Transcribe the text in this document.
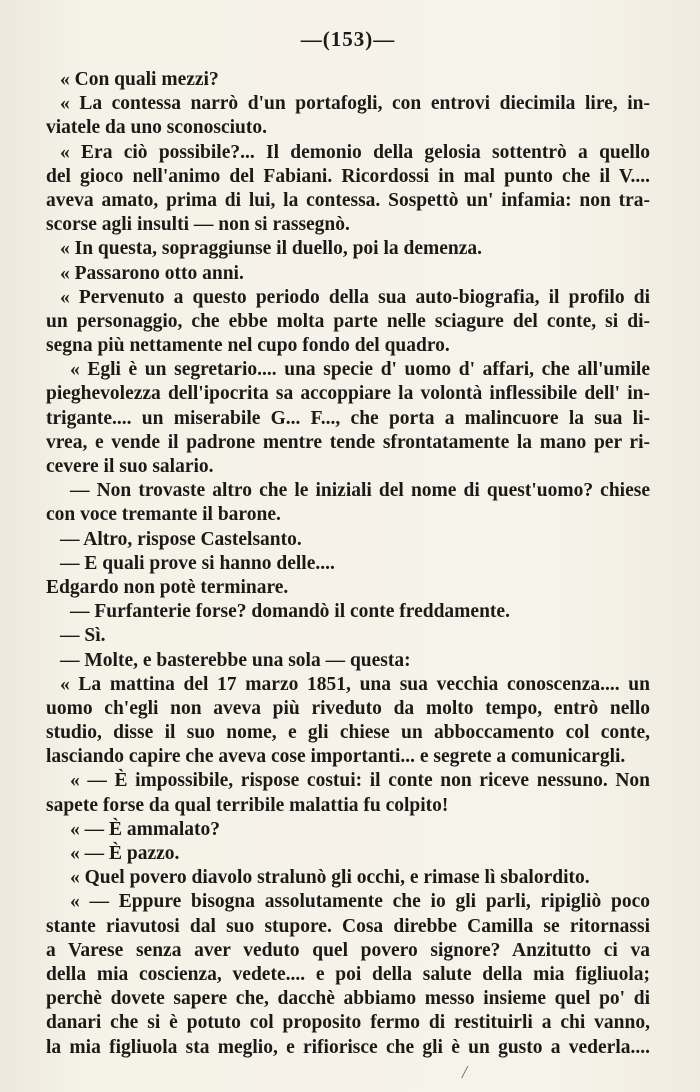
—(153)—
« Con quali mezzi?
« La contessa narrò d'un portafogli, con entrovi diecimila lire, in-
viatele da uno sconosciuto.
« Era ciò possibile?... Il demonio della gelosia sottentrò a quello
del gioco nell'animo del Fabiani. Ricordossi in mal punto che il V....
aveva amato, prima di lui, la contessa. Sospettò un' infamia: non tra-
scorse agli insulti — non si rassegnò.
« In questa, sopraggiunse il duello, poi la demenza.
« Passarono otto anni.
« Pervenuto a questo periodo della sua auto-biografia, il profilo di
un personaggio, che ebbe molta parte nelle sciagure del conte, si di-
segna più nettamente nel cupo fondo del quadro.
« Egli è un segretario.... una specie d' uomo d' affari, che all'umile
pieghevolezza dell'ipocrita sa accoppiare la volontà inflessibile dell' in-
trigante.... un miserabile G... F..., che porta a malincuore la sua li-
vrea, e vende il padrone mentre tende sfrontatamente la mano per ri-
cevere il suo salario.
— Non trovaste altro che le iniziali del nome di quest'uomo? chiese
con voce tremante il barone.
— Altro, rispose Castelsanto.
— E quali prove si hanno delle....
Edgardo non potè terminare.
— Furfanterie forse? domandò il conte freddamente.
— Sì.
— Molte, e basterebbe una sola — questa:
« La mattina del 17 marzo 1851, una sua vecchia conoscenza.... un
uomo ch'egli non aveva più riveduto da molto tempo, entrò nello
studio, disse il suo nome, e gli chiese un abboccamento col conte,
lasciando capire che aveva cose importanti... e segrete a comunicargli.
« — È impossibile, rispose costui: il conte non riceve nessuno. Non
sapete forse da qual terribile malattia fu colpito!
« — È ammalato?
« — È pazzo.
« Quel povero diavolo stralunò gli occhi, e rimase lì sbalordito.
« — Eppure bisogna assolutamente che io gli parli, ripigliò poco
stante riavutosi dal suo stupore. Cosa direbbe Camilla se ritornassi
a Varese senza aver veduto quel povero signore? Anzitutto ci va
della mia coscienza, vedete.... e poi della salute della mia figliuola;
perchè dovete sapere che, dacchè abbiamo messo insieme quel po' di
danari che si è potuto col proposito fermo di restituirli a chi vanno,
la mia figliuola sta meglio, e rifiorisce che gli è un gusto a vederla....
/
